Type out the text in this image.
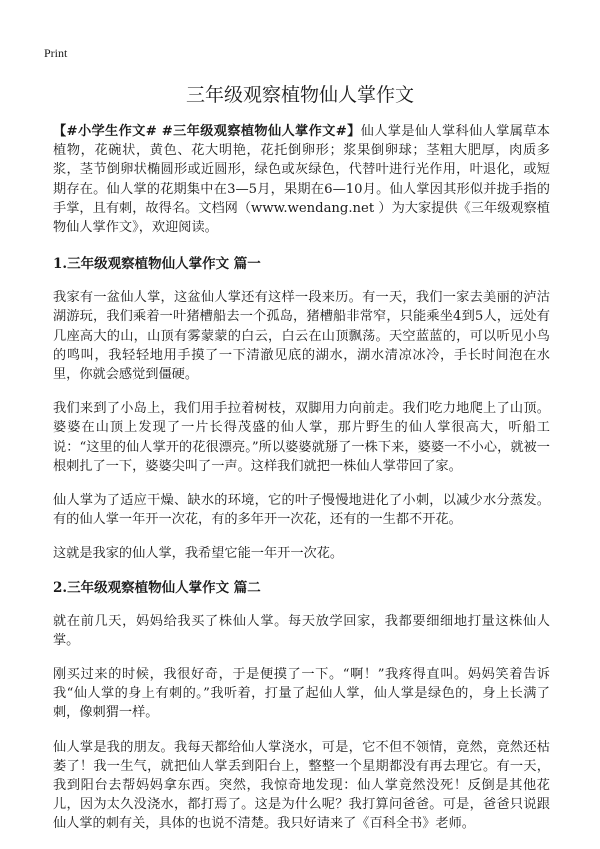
Print
三年级观察植物仙人掌作文

【#小学生作文# #三年级观察植物仙人掌作文#】仙人掌是仙人掌科仙人掌属草本植物，花碗状，黄色、花大明艳，花托倒卵形；浆果倒卵球；茎粗大肥厚，肉质多浆，茎节倒卵状椭圆形或近圆形，绿色或灰绿色，代替叶进行光作用，叶退化，或短期存在。仙人掌的花期集中在3—5月，果期在6—10月。仙人掌因其形似并拢手指的手掌，且有刺，故得名。文档网（www.wendang.net ）为大家提供《三年级观察植物仙人掌作文》，欢迎阅读。

1.三年级观察植物仙人掌作文 篇一

我家有一盆仙人掌，这盆仙人掌还有这样一段来历。有一天，我们一家去美丽的泸沽湖游玩，我们乘着一叶猪槽船去一个孤岛，猪槽船非常窄，只能乘坐4到5人，远处有几座高大的山，山顶有雾蒙蒙的白云，白云在山顶飘荡。天空蓝蓝的，可以听见小鸟的鸣叫，我轻轻地用手摸了一下清澈见底的湖水，湖水清凉冰冷，手长时间泡在水里，你就会感觉到僵硬。

我们来到了小岛上，我们用手拉着树枝，双脚用力向前走。我们吃力地爬上了山顶。婆婆在山顶上发现了一片长得茂盛的仙人掌，那片野生的仙人掌很高大，听船工说：“这里的仙人掌开的花很漂亮。”所以婆婆就掰了一株下来，婆婆一不小心，就被一根刺扎了一下，婆婆尖叫了一声。这样我们就把一株仙人掌带回了家。

仙人掌为了适应干燥、缺水的环境，它的叶子慢慢地进化了小刺，以减少水分蒸发。有的仙人掌一年开一次花，有的多年开一次花，还有的一生都不开花。

这就是我家的仙人掌，我希望它能一年开一次花。

2.三年级观察植物仙人掌作文 篇二

就在前几天，妈妈给我买了株仙人掌。每天放学回家，我都要细细地打量这株仙人掌。

刚买过来的时候，我很好奇，于是便摸了一下。“啊！”我疼得直叫。妈妈笑着告诉我“仙人掌的身上有刺的。”我听着，打量了起仙人掌，仙人掌是绿色的，身上长满了刺，像刺猬一样。

仙人掌是我的朋友。我每天都给仙人掌浇水，可是，它不但不领情，竟然，竟然还枯萎了！我一生气，就把仙人掌丢到阳台上，整整一个星期都没有再去理它。有一天，我到阳台去帮妈妈拿东西。突然，我惊奇地发现：仙人掌竟然没死！反倒是其他花儿，因为太久没浇水，都打焉了。这是为什么呢？我打算问爸爸。可是，爸爸只说跟仙人掌的刺有关，具体的也说不清楚。我只好请来了《百科全书》老师。
